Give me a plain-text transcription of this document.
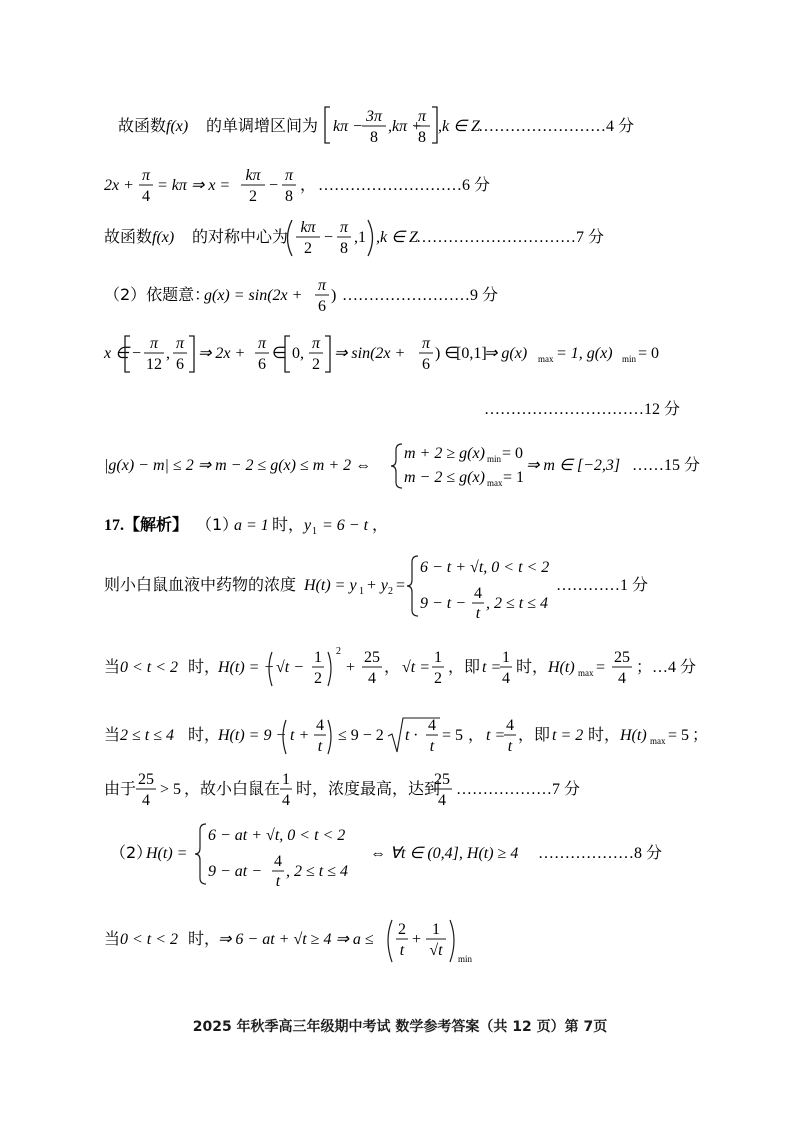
故函数 f(x) 的单调增区间为 kπ −
3π
8
,kπ +
π
8
,k ∈ Z
……………………4 分
2x +
π
4
= kπ ⇒ x =
kπ
2
−
π
8
， ………………………6 分
故函数 f(x) 的对称中心为 kπ
2
−
π
8
,1 ,k ∈ Z
…………………………7 分
（2）依题意：
g(x) = sin(2x +
π
6
) ……………………9 分
x ∈ −
π
12
,
π
6
⇒ 2x +
π
6
∈ 0,
π
2
⇒ sin(2x +
π
6
) ∈
[0,1]
⇒ g(x) max = 1, g(x) min = 0
…………………………12 分
|g(x) − m| ≤ 2 ⇒ m − 2 ≤ g(x) ≤ m + 2 ⇔
m + 2 ≥ g(x) min = 0
m − 2 ≤ g(x) max = 1
⇒ m ∈ [−2,3] ……15 分
17. 【解析】 （1）
a = 1 时， y 1 = 6 − t ，
则小白鼠血液中药物的浓度 H(t) = y 1 + y 2 =
6 − t + √t, 0 < t < 2
9 − t −
4
t
, 2 ≤ t ≤ 4
…………1 分
当 0 < t < 2 时，
H(t) = − √t −
1
2
2
+
25
4
， √t =
1
2
，即 t =
1
4
时， H(t) max =
25
4
；…4 分
当 2 ≤ t ≤ 4 时，
H(t) = 9 − t +
4
t
≤ 9 − 2 t ·
4
t
= 5 ， t =
4
t
，即 t = 2 时， H(t) max = 5 ；
由于 25
4
> 5 ，故小白鼠在 1
4
时，浓度最高，达到
25
4
………………7 分
（2）
H(t) =
6 − at + √t, 0 < t < 2
9 − at −
4
t
, 2 ≤ t ≤ 4
⇔ ∀t ∈ (0,4], H(t) ≥ 4 ………………8 分
当 0 < t < 2 时，
⇒ 6 − at + √t ≥ 4 ⇒ a ≤
2
t
+
1
√t min
2025 年秋季高三年级期中考试 数学参考答案（共 12 页）第 7页
